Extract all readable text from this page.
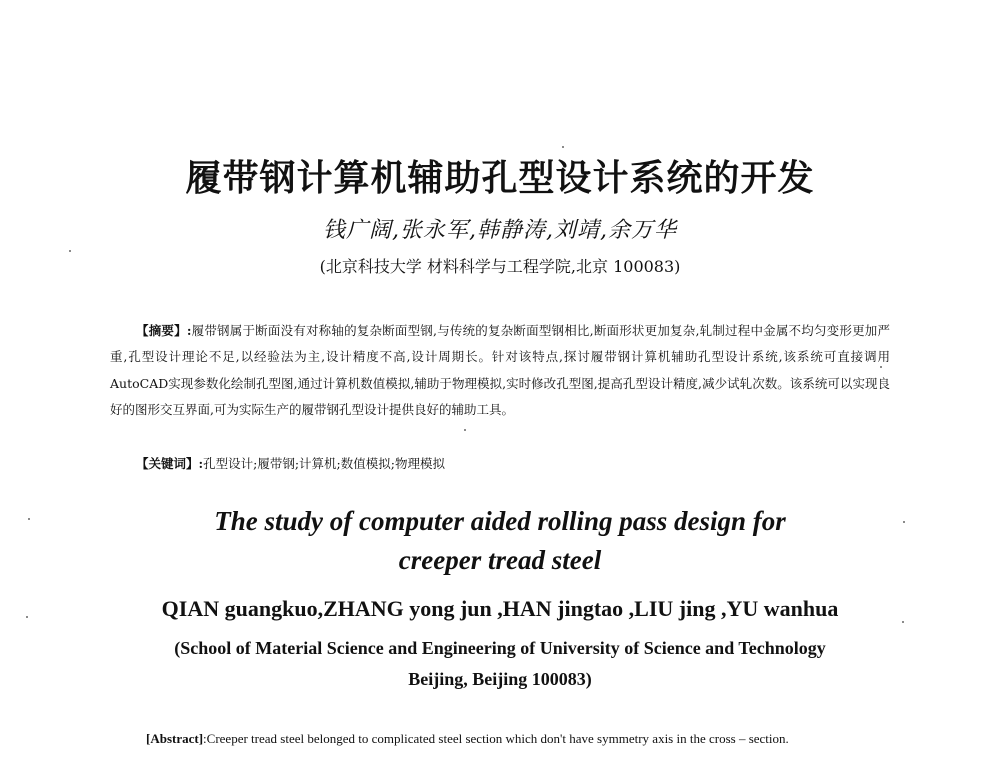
履带钢计算机辅助孔型设计系统的开发

钱广阔,张永军,韩静涛,刘靖,余万华

(北京科技大学 材料科学与工程学院,北京 100083)

【摘要】:履带钢属于断面没有对称轴的复杂断面型钢,与传统的复杂断面型钢相比,断面形状更加复杂,轧制过程中金属不均匀变形更加严重,孔型设计理论不足,以经验法为主,设计精度不高,设计周期长。针对该特点,探讨履带钢计算机辅助孔型设计系统,该系统可直接调用AutoCAD实现参数化绘制孔型图,通过计算机数值模拟,辅助于物理模拟,实时修改孔型图,提高孔型设计精度,减少试轧次数。该系统可以实现良好的图形交互界面,可为实际生产的履带钢孔型设计提供良好的辅助工具。

【关键词】:孔型设计;履带钢;计算机;数值模拟;物理模拟

The study of computer aided rolling pass design for
creeper tread steel

QIAN guangkuo,ZHANG yong jun ,HAN jingtao ,LIU jing ,YU wanhua

(School of Material Science and Engineering of University of Science and Technology
Beijing, Beijing 100083)

[Abstract]:Creeper tread steel belonged to complicated steel section which don't have symmetry axis in the cross – section.
